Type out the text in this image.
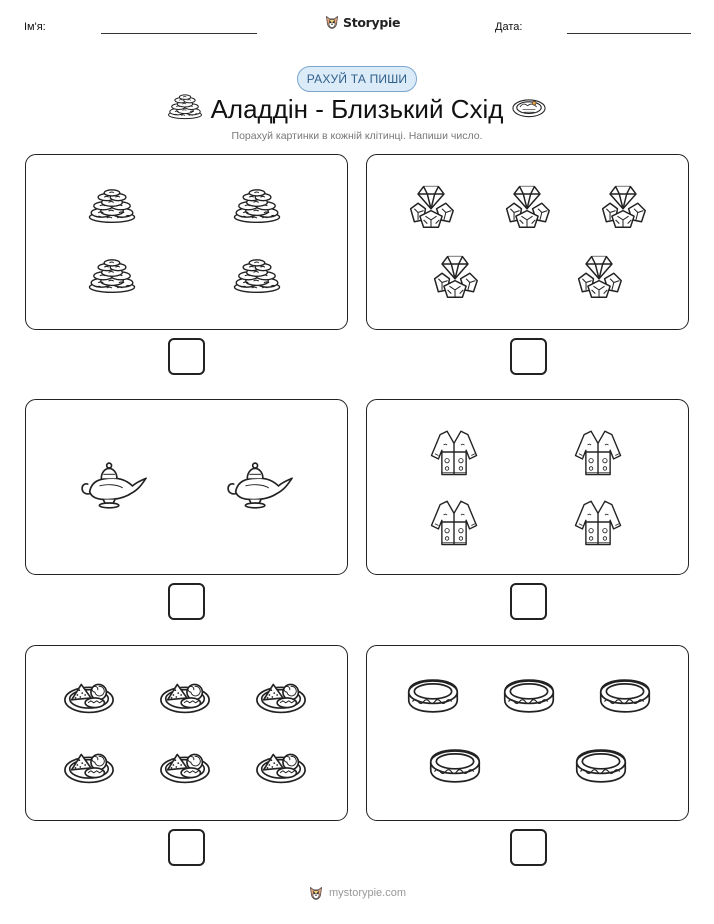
Ім'я:	Storypie	Дата:
РАХУЙ ТА ПИШИ
Аладдін - Близький Схід
Порахуй картинки в кожній клітинці. Напиши число.
mystorypie.com
